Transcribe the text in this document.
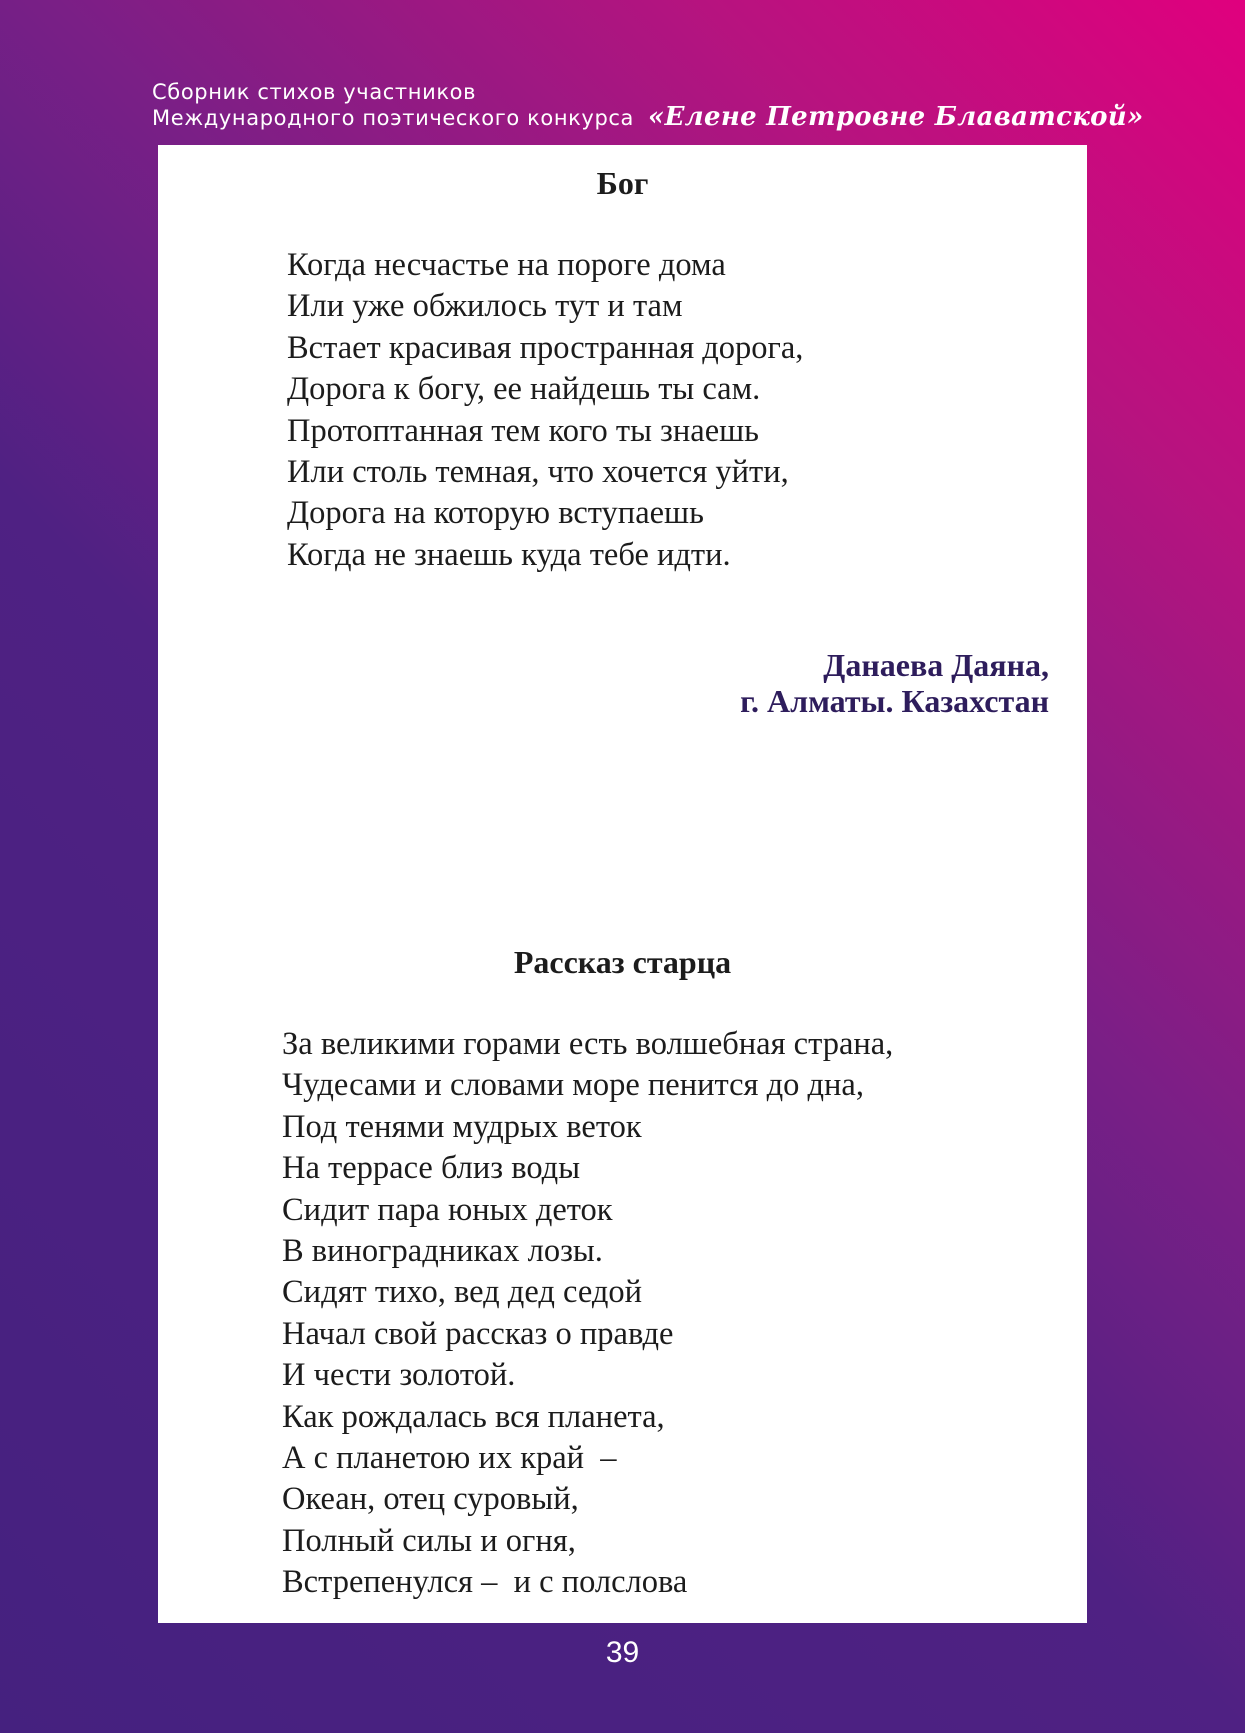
Сборник стихов участников
Международного поэтического конкурса «Елене Петровне Блаватской»
Бог
Когда несчастье на пороге дома
Или уже обжилось тут и там
Встает красивая пространная дорога,
Дорога к богу, ее найдешь ты сам.
Протоптанная тем кого ты знаешь
Или столь темная, что хочется уйти,
Дорога на которую вступаешь
Когда не знаешь куда тебе идти.
Данаева Даяна,
г. Алматы. Казахстан
Рассказ старца
За великими горами есть волшебная страна,
Чудесами и словами море пенится до дна,
Под тенями мудрых веток
На террасе близ воды
Сидит пара юных деток
В виноградниках лозы.
Сидят тихо, вед дед седой
Начал свой рассказ о правде
И чести золотой.
Как рождалась вся планета,
А с планетою их край  –
Океан, отец суровый,
Полный силы и огня,
Встрепенулся –  и с полслова
39
